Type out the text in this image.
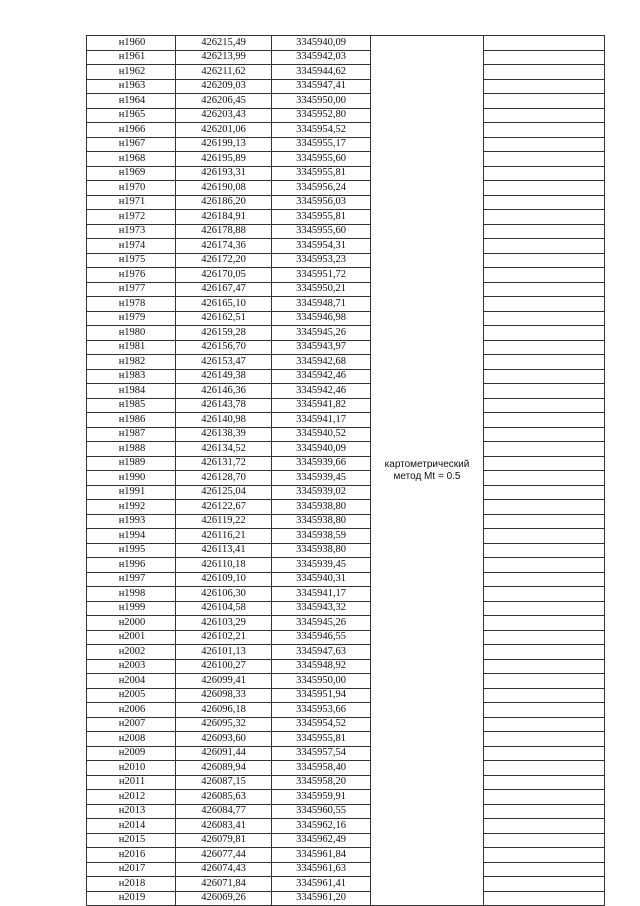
н1960	426215,49	3345940,09	картометрический метод Mt = 0.5	
н1961	426213,99	3345942,03		
н1962	426211,62	3345944,62		
н1963	426209,03	3345947,41		
н1964	426206,45	3345950,00		
н1965	426203,43	3345952,80		
н1966	426201,06	3345954,52		
н1967	426199,13	3345955,17		
н1968	426195,89	3345955,60		
н1969	426193,31	3345955,81		
н1970	426190,08	3345956,24		
н1971	426186,20	3345956,03		
н1972	426184,91	3345955,81		
н1973	426178,88	3345955,60		
н1974	426174,36	3345954,31		
н1975	426172,20	3345953,23		
н1976	426170,05	3345951,72		
н1977	426167,47	3345950,21		
н1978	426165,10	3345948,71		
н1979	426162,51	3345946,98		
н1980	426159,28	3345945,26		
н1981	426156,70	3345943,97		
н1982	426153,47	3345942,68		
н1983	426149,38	3345942,46		
н1984	426146,36	3345942,46		
н1985	426143,78	3345941,82		
н1986	426140,98	3345941,17		
н1987	426138,39	3345940,52		
н1988	426134,52	3345940,09		
н1989	426131,72	3345939,66		
н1990	426128,70	3345939,45		
н1991	426125,04	3345939,02		
н1992	426122,67	3345938,80		
н1993	426119,22	3345938,80		
н1994	426116,21	3345938,59		
н1995	426113,41	3345938,80		
н1996	426110,18	3345939,45		
н1997	426109,10	3345940,31		
н1998	426106,30	3345941,17		
н1999	426104,58	3345943,32		
н2000	426103,29	3345945,26		
н2001	426102,21	3345946,55		
н2002	426101,13	3345947,63		
н2003	426100,27	3345948,92		
н2004	426099,41	3345950,00		
н2005	426098,33	3345951,94		
н2006	426096,18	3345953,66		
н2007	426095,32	3345954,52		
н2008	426093,60	3345955,81		
н2009	426091,44	3345957,54		
н2010	426089,94	3345958,40		
н2011	426087,15	3345958,20		
н2012	426085,63	3345959,91		
н2013	426084,77	3345960,55		
н2014	426083,41	3345962,16		
н2015	426079,81	3345962,49		
н2016	426077,44	3345961,84		
н2017	426074,43	3345961,63		
н2018	426071,84	3345961,41		
н2019	426069,26	3345961,20		
